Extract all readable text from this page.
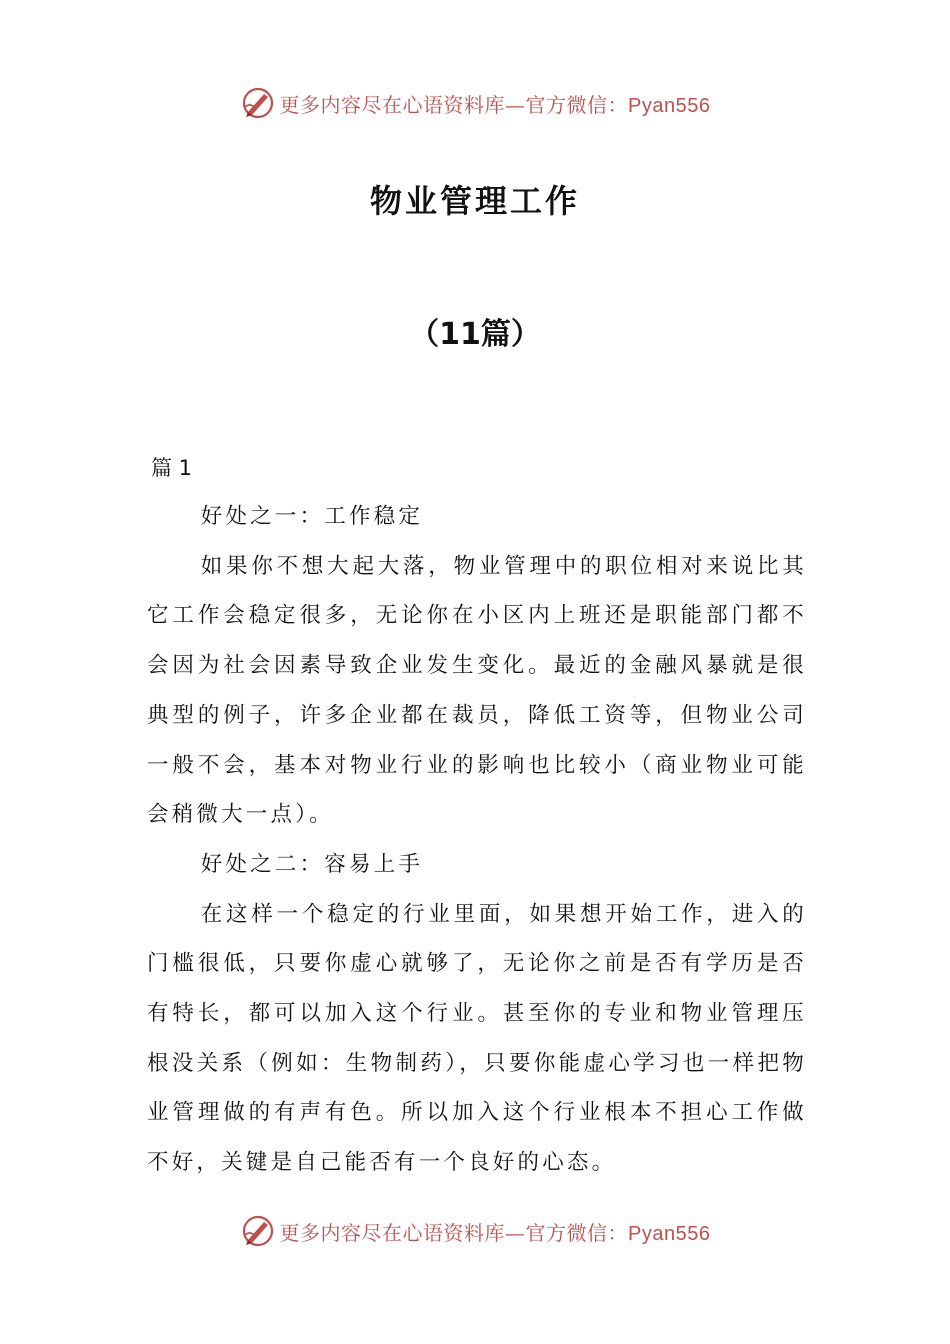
更多内容尽在心语资料库—官方微信：Pyan556
物业管理工作
（11篇）
篇 1

好处之一：工作稳定

如果你不想大起大落，物业管理中的职位相对来说比其它工作会稳定很多，无论你在小区内上班还是职能部门都不会因为社会因素导致企业发生变化。最近的金融风暴就是很典型的例子，许多企业都在裁员，降低工资等，但物业公司一般不会，基本对物业行业的影响也比较小（商业物业可能会稍微大一点）。

好处之二：容易上手

在这样一个稳定的行业里面，如果想开始工作，进入的门槛很低，只要你虚心就够了，无论你之前是否有学历是否有特长，都可以加入这个行业。甚至你的专业和物业管理压根没关系（例如：生物制药），只要你能虚心学习也一样把物业管理做的有声有色。所以加入这个行业根本不担心工作做不好，关键是自己能否有一个良好的心态。

更多内容尽在心语资料库—官方微信：Pyan556
